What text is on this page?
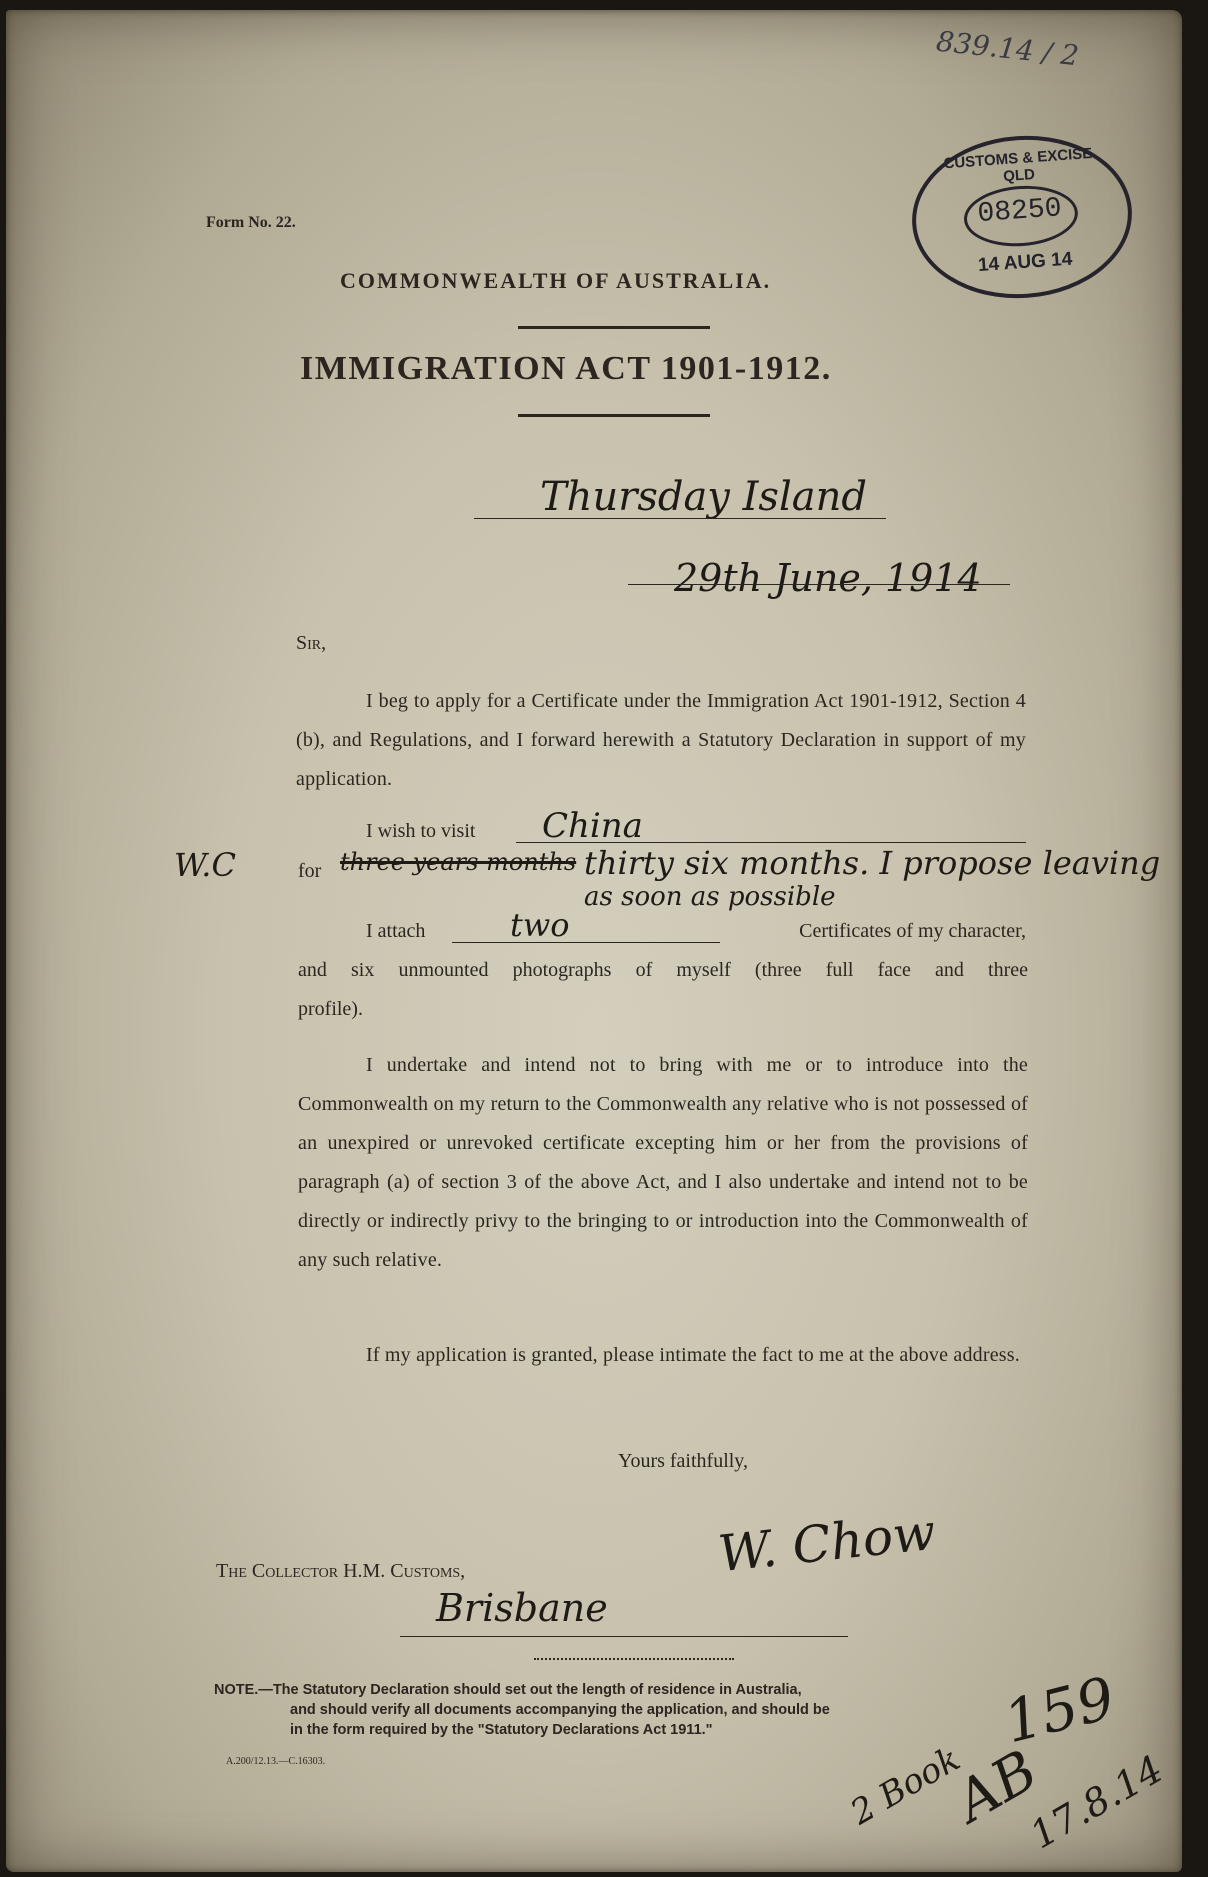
839.14 / 2
CUSTOMS & EXCISE QLD
08250
14 AUG 14
Form No. 22.
COMMONWEALTH OF AUSTRALIA.
IMMIGRATION ACT 1901-1912.
Thursday Island
29th June, 1914
Sir,
I beg to apply for a Certificate under the Immigration Act 1901-1912, Section 4 (b), and Regulations, and I forward herewith a Statutory Declaration in support of my application.
I wish to visit China
W.C	for three years months thirty six months. I propose leaving
as soon as possible
I attach	two	Certificates of my character,
and six unmounted photographs of myself (three full face and three
profile).
I undertake and intend not to bring with me or to introduce into the Commonwealth on my return to the Commonwealth any relative who is not possessed of an unexpired or unrevoked certificate excepting him or her from the provisions of paragraph (a) of section 3 of the above Act, and I also undertake and intend not to be directly or indirectly privy to the bringing to or introduction into the Commonwealth of any such relative.
If my application is granted, please intimate the fact to me at the above address.
Yours faithfully,
W. Chow
The Collector H.M. Customs,
Brisbane
NOTE.—The Statutory Declaration should set out the length of residence in Australia,
and should verify all documents accompanying the application, and should be
in the form required by the "Statutory Declarations Act 1911."
A.200/12.13.—C.16303.
159
2 Book
AB
17.8.14
